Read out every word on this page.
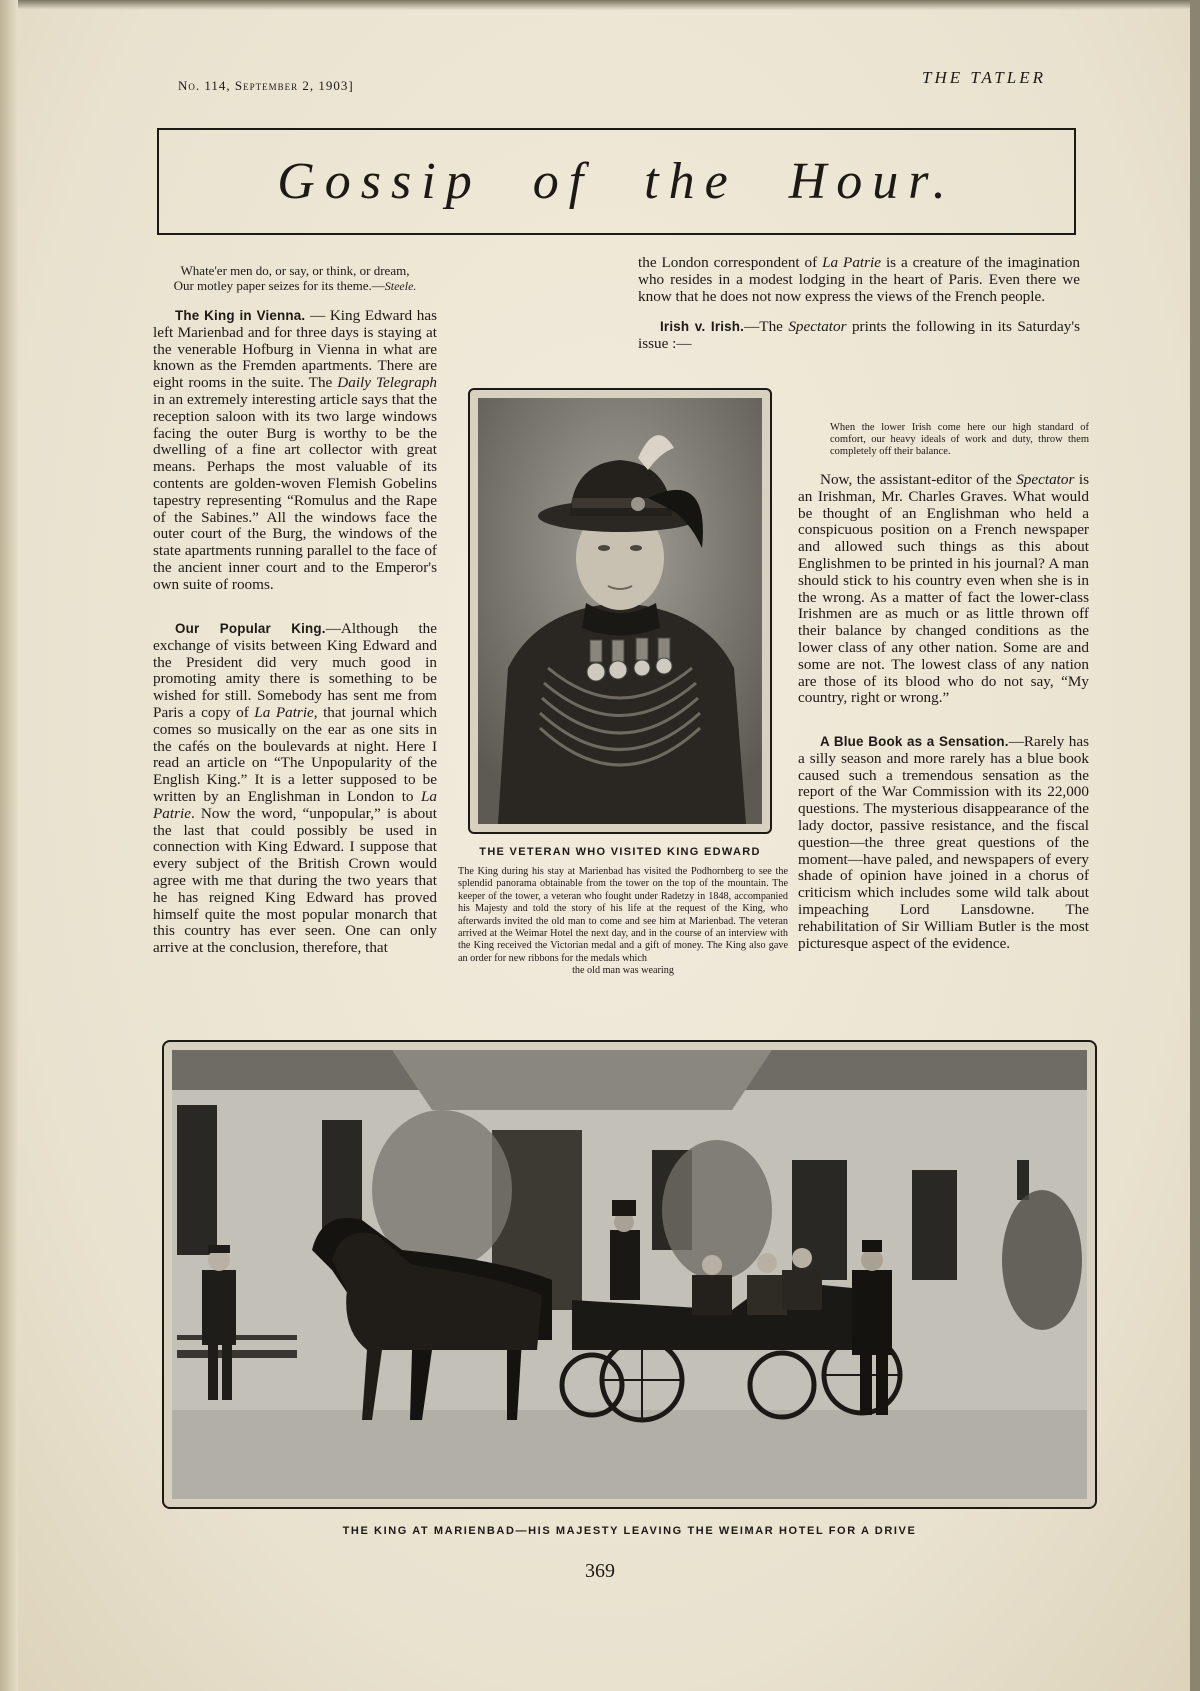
No. 114, September 2, 1903]	THE TATLER
Gossip of the Hour.

Whate'er men do, or say, or think, or dream,
Our motley paper seizes for its theme.—Steele.

The King in Vienna. — King Edward has left Marienbad and for three days is staying at the venerable Hofburg in Vienna in what are known as the Fremden apartments. There are eight rooms in the suite. The Daily Telegraph in an extremely interesting article says that the reception saloon with its two large windows facing the outer Burg is worthy to be the dwelling of a fine art collector with great means. Perhaps the most valuable of its contents are golden-woven Flemish Gobelins tapestry representing “Romulus and the Rape of the Sabines.” All the windows face the outer court of the Burg, the windows of the state apartments running parallel to the face of the ancient inner court and to the Emperor's own suite of rooms.

Our Popular King.—Although the exchange of visits between King Edward and the President did very much good in promoting amity there is something to be wished for still. Somebody has sent me from Paris a copy of La Patrie, that journal which comes so musically on the ear as one sits in the cafés on the boulevards at night. Here I read an article on “The Unpopularity of the English King.” It is a letter supposed to be written by an Englishman in London to La Patrie. Now the word, “unpopular,” is about the last that could possibly be used in connection with King Edward. I suppose that every subject of the British Crown would agree with me that during the two years that he has reigned King Edward has proved himself quite the most popular monarch that this country has ever seen. One can only arrive at the conclusion, therefore, that

the London correspondent of La Patrie is a creature of the imagination who resides in a modest lodging in the heart of Paris. Even there we know that he does not now express the views of the French people.

Irish v. Irish.—The Spectator prints the following in its Saturday's issue :—

When the lower Irish come here our high standard of comfort, our heavy ideals of work and duty, throw them completely off their balance.

Now, the assistant-editor of the Spectator is an Irishman, Mr. Charles Graves. What would be thought of an Englishman who held a conspicuous position on a French newspaper and allowed such things as this about Englishmen to be printed in his journal? A man should stick to his country even when she is in the wrong. As a matter of fact the lower-class Irishmen are as much or as little thrown off their balance by changed conditions as the lower class of any other nation. Some are and some are not. The lowest class of any nation are those of its blood who do not say, “My country, right or wrong.”

A Blue Book as a Sensation.—Rarely has a silly season and more rarely has a blue book caused such a tremendous sensation as the report of the War Commission with its 22,000 questions. The mysterious disappearance of the lady doctor, passive resistance, and the fiscal question—the three great questions of the moment—have paled, and newspapers of every shade of opinion have joined in a chorus of criticism which includes some wild talk about impeaching Lord Lansdowne. The rehabilitation of Sir William Butler is the most picturesque aspect of the evidence.

THE VETERAN WHO VISITED KING EDWARD
The King during his stay at Marienbad has visited the Podhornberg to see the splendid panorama obtainable from the tower on the top of the mountain. The keeper of the tower, a veteran who fought under Radetzy in 1848, accompanied his Majesty and told the story of his life at the request of the King, who afterwards invited the old man to come and see him at Marienbad. The veteran arrived at the Weimar Hotel the next day, and in the course of an interview with the King received the Victorian medal and a gift of money. The King also gave an order for new ribbons for the medals which
the old man was wearing
THE KING AT MARIENBAD—HIS MAJESTY LEAVING THE WEIMAR HOTEL FOR A DRIVE
369
